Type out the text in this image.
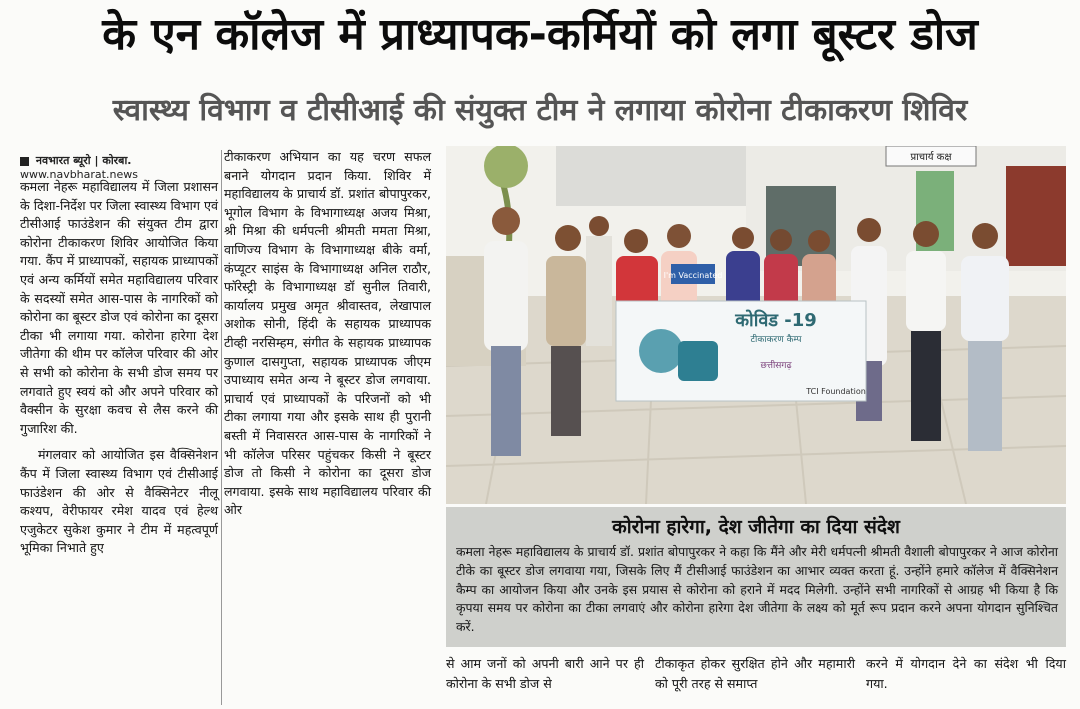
के एन कॉलेज में प्राध्यापक-कर्मियों को लगा बूस्टर डोज
स्वास्थ्य विभाग व टीसीआई की संयुक्त टीम ने लगाया कोरोना टीकाकरण शिविर
नवभारत ब्यूरो | कोरबा.
www.navbharat.news

कमला नेहरू महाविद्यालय में जिला प्रशासन के दिशा-निर्देश पर जिला स्वास्थ्य विभाग एवं टीसीआई फाउंडेशन की संयुक्त टीम द्वारा कोरोना टीकाकरण शिविर आयोजित किया गया. कैंप में प्राध्यापकों, सहायक प्राध्यापकों एवं अन्य कर्मियों समेत महाविद्यालय परिवार के सदस्यों समेत आस-पास के नागरिकों को कोरोना का बूस्टर डोज एवं कोरोना का दूसरा टीका भी लगाया गया. कोरोना हारेगा देश जीतेगा की थीम पर कॉलेज परिवार की ओर से सभी को कोरोना के सभी डोज समय पर लगवाते हुए स्वयं को और अपने परिवार को वैक्सीन के सुरक्षा कवच से लैस करने की गुजारिश की.

मंगलवार को आयोजित इस वैक्सिनेशन कैंप में जिला स्वास्थ्य विभाग एवं टीसीआई फाउंडेशन की ओर से वैक्सिनेटर नीलू कश्यप, वेरीफायर रमेश यादव एवं हेल्थ एजुकेटर सुकेश कुमार ने टीम में महत्वपूर्ण भूमिका निभाते हुए

टीकाकरण अभियान का यह चरण सफल बनाने योगदान प्रदान किया. शिविर में महाविद्यालय के प्राचार्य डॉ. प्रशांत बोपापुरकर, भूगोल विभाग के विभागाध्यक्ष अजय मिश्रा, श्री मिश्रा की धर्मपत्नी श्रीमती ममता मिश्रा, वाणिज्य विभाग के विभागाध्यक्ष बीके वर्मा, कंप्यूटर साइंस के विभागाध्यक्ष अनिल राठौर, फॉरेस्ट्री के विभागाध्यक्ष डॉ सुनील तिवारी, कार्यालय प्रमुख अमृत श्रीवास्तव, लेखापाल अशोक सोनी, हिंदी के सहायक प्राध्यापक टीव्ही नरसिम्हम, संगीत के सहायक प्राध्यापक कुणाल दासगुप्ता, सहायक प्राध्यापक जीएम उपाध्याय समेत अन्य ने बूस्टर डोज लगवाया. प्राचार्य एवं प्राध्यापकों के परिजनों को भी टीका लगाया गया और इसके साथ ही पुरानी बस्ती में निवासरत आस-पास के नागरिकों ने भी कॉलेज परिसर पहुंचकर किसी ने बूस्टर डोज तो किसी ने कोरोना का दूसरा डोज लगवाया. इसके साथ महाविद्यालय परिवार की ओर

प्राचार्य कक्ष
I'm Vaccinated
कोविड -19
टीकाकरण कैम्प
छत्तीसगढ़
TCI Foundation
कोरोना हारेगा, देश जीतेगा का दिया संदेश
कमला नेहरू महाविद्यालय के प्राचार्य डॉ. प्रशांत बोपापुरकर ने कहा कि मैंने और मेरी धर्मपत्नी श्रीमती वैशाली बोपापुरकर ने आज कोरोना टीके का बूस्टर डोज लगवाया गया, जिसके लिए मैं टीसीआई फाउंडेशन का आभार व्यक्त करता हूं. उन्होंने हमारे कॉलेज में वैक्सिनेशन कैम्प का आयोजन किया और उनके इस प्रयास से कोरोना को हराने में मदद मिलेगी. उन्होंने सभी नागरिकों से आग्रह भी किया है कि कृपया समय पर कोरोना का टीका लगवाएं और कोरोना हारेगा देश जीतेगा के लक्ष्य को मूर्त रूप प्रदान करने अपना योगदान सुनिश्चित करें.
से आम जनों को अपनी बारी आने पर ही कोरोना के सभी डोज से
टीकाकृत होकर सुरक्षित होने और महामारी को पूरी तरह से समाप्त
करने में योगदान देने का संदेश भी दिया गया.
